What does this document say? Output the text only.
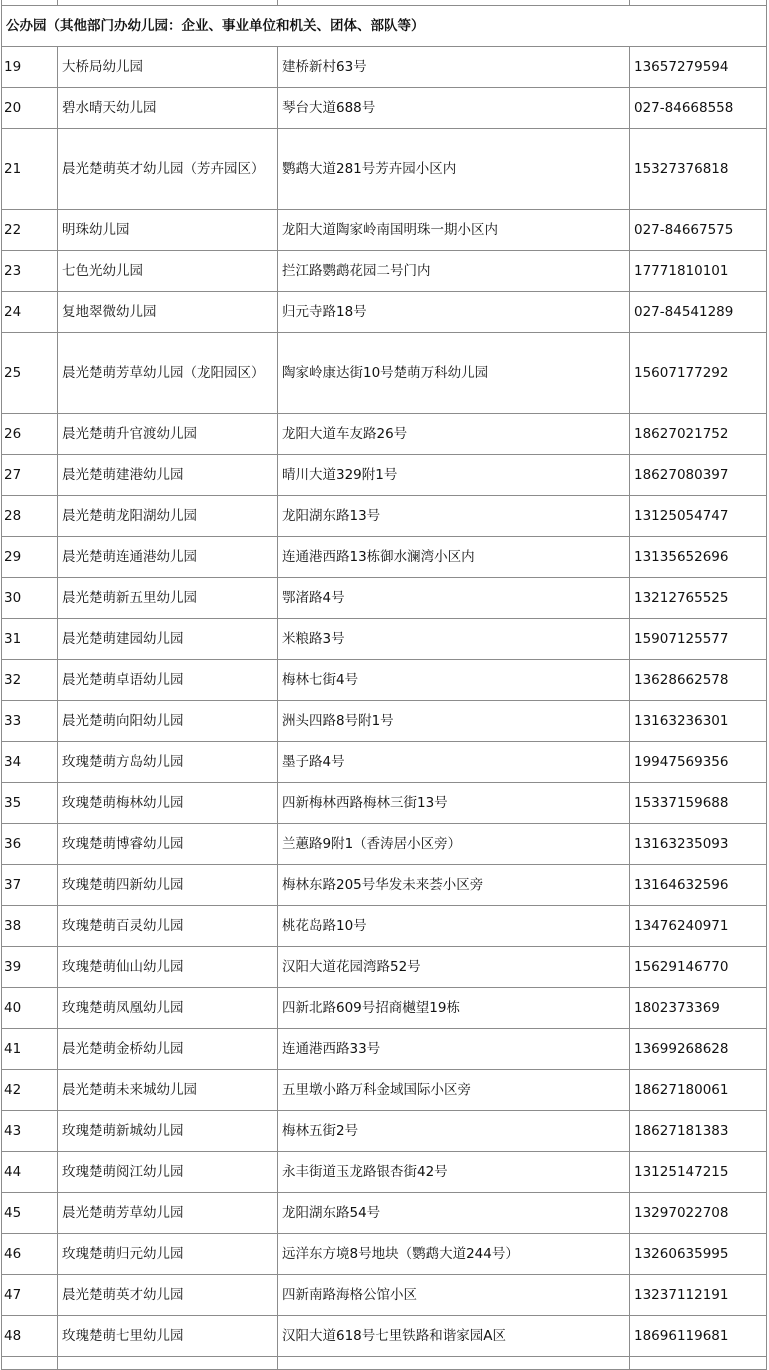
公办园（其他部门办幼儿园：企业、事业单位和机关、团体、部队等）			
19	大桥局幼儿园	建桥新村63号	13657279594
20	碧水晴天幼儿园	琴台大道688号	027-84668558
21	晨光楚萌英才幼儿园（芳卉园区）	鹦鹉大道281号芳卉园小区内	15327376818
22	明珠幼儿园	龙阳大道陶家岭南国明珠一期小区内	027-84667575
23	七色光幼儿园	拦江路鹦鹉花园二号门内	17771810101
24	复地翠微幼儿园	归元寺路18号	027-84541289
25	晨光楚萌芳草幼儿园（龙阳园区）	陶家岭康达街10号楚萌万科幼儿园	15607177292
26	晨光楚萌升官渡幼儿园	龙阳大道车友路26号	18627021752
27	晨光楚萌建港幼儿园	晴川大道329附1号	18627080397
28	晨光楚萌龙阳湖幼儿园	龙阳湖东路13号	13125054747
29	晨光楚萌连通港幼儿园	连通港西路13栋御水澜湾小区内	13135652696
30	晨光楚萌新五里幼儿园	鄂渚路4号	13212765525
31	晨光楚萌建园幼儿园	米粮路3号	15907125577
32	晨光楚萌卓语幼儿园	梅林七街4号	13628662578
33	晨光楚萌向阳幼儿园	洲头四路8号附1号	13163236301
34	玫瑰楚萌方岛幼儿园	墨子路4号	19947569356
35	玫瑰楚萌梅林幼儿园	四新梅林西路梅林三街13号	15337159688
36	玫瑰楚萌博睿幼儿园	兰蕙路9附1（香涛居小区旁）	13163235093
37	玫瑰楚萌四新幼儿园	梅林东路205号华发未来荟小区旁	13164632596
38	玫瑰楚萌百灵幼儿园	桃花岛路10号	13476240971
39	玫瑰楚萌仙山幼儿园	汉阳大道花园湾路52号	15629146770
40	玫瑰楚萌凤凰幼儿园	四新北路609号招商樾望19栋	1802373369
41	晨光楚萌金桥幼儿园	连通港西路33号	13699268628
42	晨光楚萌未来城幼儿园	五里墩小路万科金域国际小区旁	18627180061
43	玫瑰楚萌新城幼儿园	梅林五街2号	18627181383
44	玫瑰楚萌阅江幼儿园	永丰街道玉龙路银杏街42号	13125147215
45	晨光楚萌芳草幼儿园	龙阳湖东路54号	13297022708
46	玫瑰楚萌归元幼儿园	远洋东方境8号地块（鹦鹉大道244号）	13260635995
47	晨光楚萌英才幼儿园	四新南路海格公馆小区	13237112191
48	玫瑰楚萌七里幼儿园	汉阳大道618号七里铁路和谐家园A区	18696119681
